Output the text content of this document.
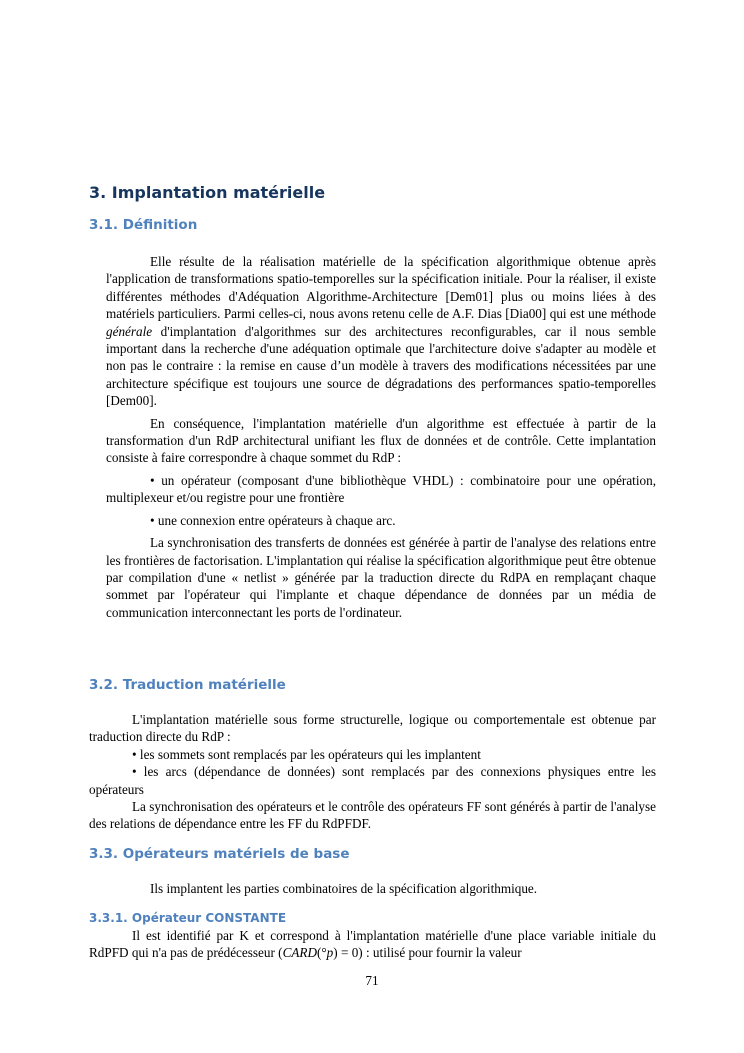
3. Implantation matérielle
3.1. Définition

Elle résulte de la réalisation matérielle de la spécification algorithmique obtenue après l'application de transformations spatio-temporelles sur la spécification initiale. Pour la réaliser, il existe différentes méthodes d'Adéquation Algorithme-Architecture [Dem01] plus ou moins liées à des matériels particuliers. Parmi celles-ci, nous avons retenu celle de A.F. Dias [Dia00] qui est une méthode générale d'implantation d'algorithmes sur des architectures reconfigurables, car il nous semble important dans la recherche d'une adéquation optimale que l'architecture doive s'adapter au modèle et non pas le contraire : la remise en cause d’un modèle à travers des modifications nécessitées par une architecture spécifique est toujours une source de dégradations des performances spatio-temporelles [Dem00].

En conséquence, l'implantation matérielle d'un algorithme est effectuée à partir de la transformation d'un RdP architectural unifiant les flux de données et de contrôle. Cette implantation consiste à faire correspondre à chaque sommet du RdP :

• un opérateur (composant d'une bibliothèque VHDL) : combinatoire pour une opération, multiplexeur et/ou registre pour une frontière

• une connexion entre opérateurs à chaque arc.

La synchronisation des transferts de données est générée à partir de l'analyse des relations entre les frontières de factorisation. L'implantation qui réalise la spécification algorithmique peut être obtenue par compilation d'une « netlist » générée par la traduction directe du RdPA en remplaçant chaque sommet par l'opérateur qui l'implante et chaque dépendance de données par un média de communication interconnectant les ports de l'ordinateur.

3.2. Traduction matérielle

L'implantation matérielle sous forme structurelle, logique ou comportementale est obtenue par traduction directe du RdP :

• les sommets sont remplacés par les opérateurs qui les implantent

• les arcs (dépendance de données) sont remplacés par des connexions physiques entre les opérateurs

La synchronisation des opérateurs et le contrôle des opérateurs FF sont générés à partir de l'analyse des relations de dépendance entre les FF du RdPFDF.

3.3. Opérateurs matériels de base
Ils implantent les parties combinatoires de la spécification algorithmique.
3.3.1. Opérateur CONSTANTE

Il est identifié par K et correspond à l'implantation matérielle d'une place variable initiale du RdPFD qui n'a pas de prédécesseur (CARD(°p) = 0) : utilisé pour fournir la valeur

71
